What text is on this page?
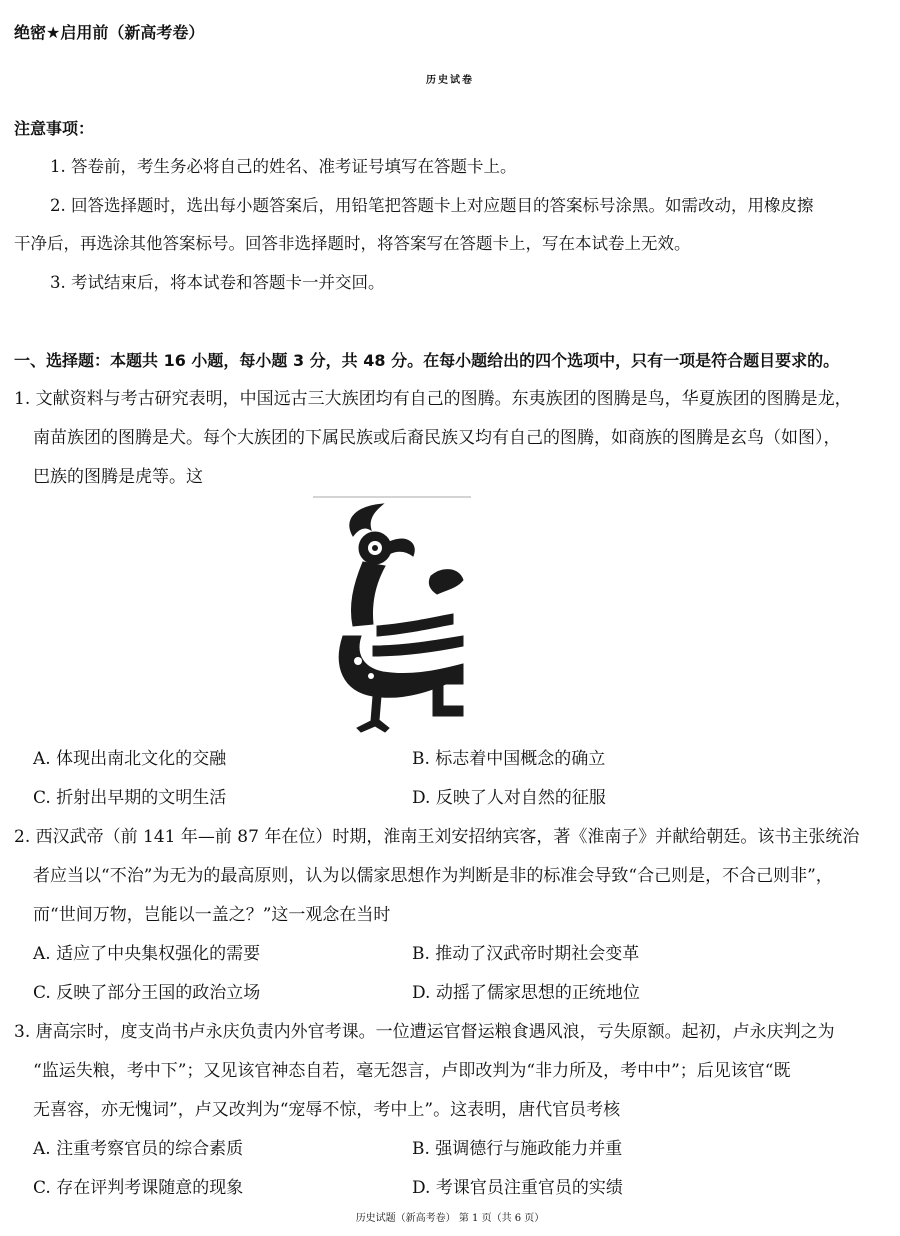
绝密★启用前（新高考卷）
历史试卷
注意事项：
1. 答卷前，考生务必将自己的姓名、准考证号填写在答题卡上。
2. 回答选择题时，选出每小题答案后，用铅笔把答题卡上对应题目的答案标号涂黑。如需改动，用橡皮擦
干净后，再选涂其他答案标号。回答非选择题时，将答案写在答题卡上，写在本试卷上无效。
3. 考试结束后，将本试卷和答题卡一并交回。
一、选择题：本题共 16 小题，每小题 3 分，共 48 分。在每小题给出的四个选项中，只有一项是符合题目要求的。
1. 文献资料与考古研究表明，中国远古三大族团均有自己的图腾。东夷族团的图腾是鸟，华夏族团的图腾是龙，
南苗族团的图腾是犬。每个大族团的下属民族或后裔民族又均有自己的图腾，如商族的图腾是玄鸟（如图），
巴族的图腾是虎等。这
A. 体现出南北文化的交融	B. 标志着中国概念的确立
C. 折射出早期的文明生活	D. 反映了人对自然的征服
2. 西汉武帝（前 141 年—前 87 年在位）时期，淮南王刘安招纳宾客，著《淮南子》并献给朝廷。该书主张统治
者应当以“不治”为无为的最高原则，认为以儒家思想作为判断是非的标准会导致“合己则是，不合己则非”，
而“世间万物，岂能以一盖之？”这一观念在当时
A. 适应了中央集权强化的需要	B. 推动了汉武帝时期社会变革
C. 反映了部分王国的政治立场	D. 动摇了儒家思想的正统地位
3. 唐高宗时，度支尚书卢永庆负责内外官考课。一位遭运官督运粮食遇风浪，亏失原额。起初，卢永庆判之为
“监运失粮，考中下”；又见该官神态自若，毫无怨言，卢即改判为“非力所及，考中中”；后见该官“既
无喜容，亦无愧词”，卢又改判为“宠辱不惊，考中上”。这表明，唐代官员考核
A. 注重考察官员的综合素质	B. 强调德行与施政能力并重
C. 存在评判考课随意的现象	D. 考课官员注重官员的实绩
历史试题（新高考卷） 第 1 页（共 6 页）
